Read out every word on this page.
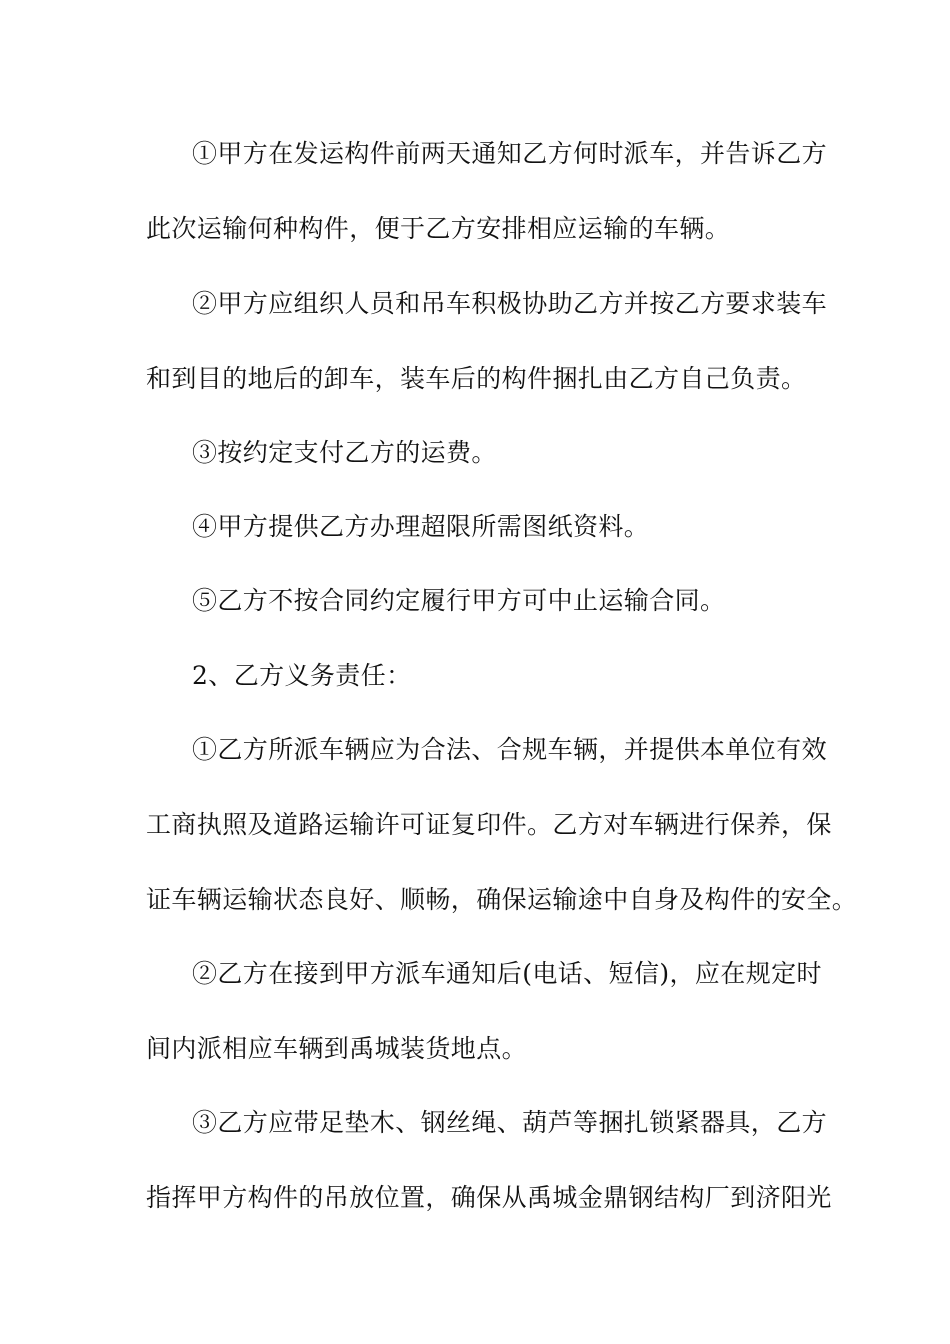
①甲方在发运构件前两天通知乙方何时派车，并告诉乙方
此次运输何种构件，便于乙方安排相应运输的车辆。
②甲方应组织人员和吊车积极协助乙方并按乙方要求装车
和到目的地后的卸车，装车后的构件捆扎由乙方自己负责。
③按约定支付乙方的运费。
④甲方提供乙方办理超限所需图纸资料。
⑤乙方不按合同约定履行甲方可中止运输合同。
2、乙方义务责任：
①乙方所派车辆应为合法、合规车辆，并提供本单位有效
工商执照及道路运输许可证复印件。乙方对车辆进行保养，保
证车辆运输状态良好、顺畅，确保运输途中自身及构件的安全。
②乙方在接到甲方派车通知后(电话、短信)，应在规定时
间内派相应车辆到禹城装货地点。
③乙方应带足垫木、钢丝绳、葫芦等捆扎锁紧器具，乙方
指挥甲方构件的吊放位置，确保从禹城金鼎钢结构厂到济阳光
